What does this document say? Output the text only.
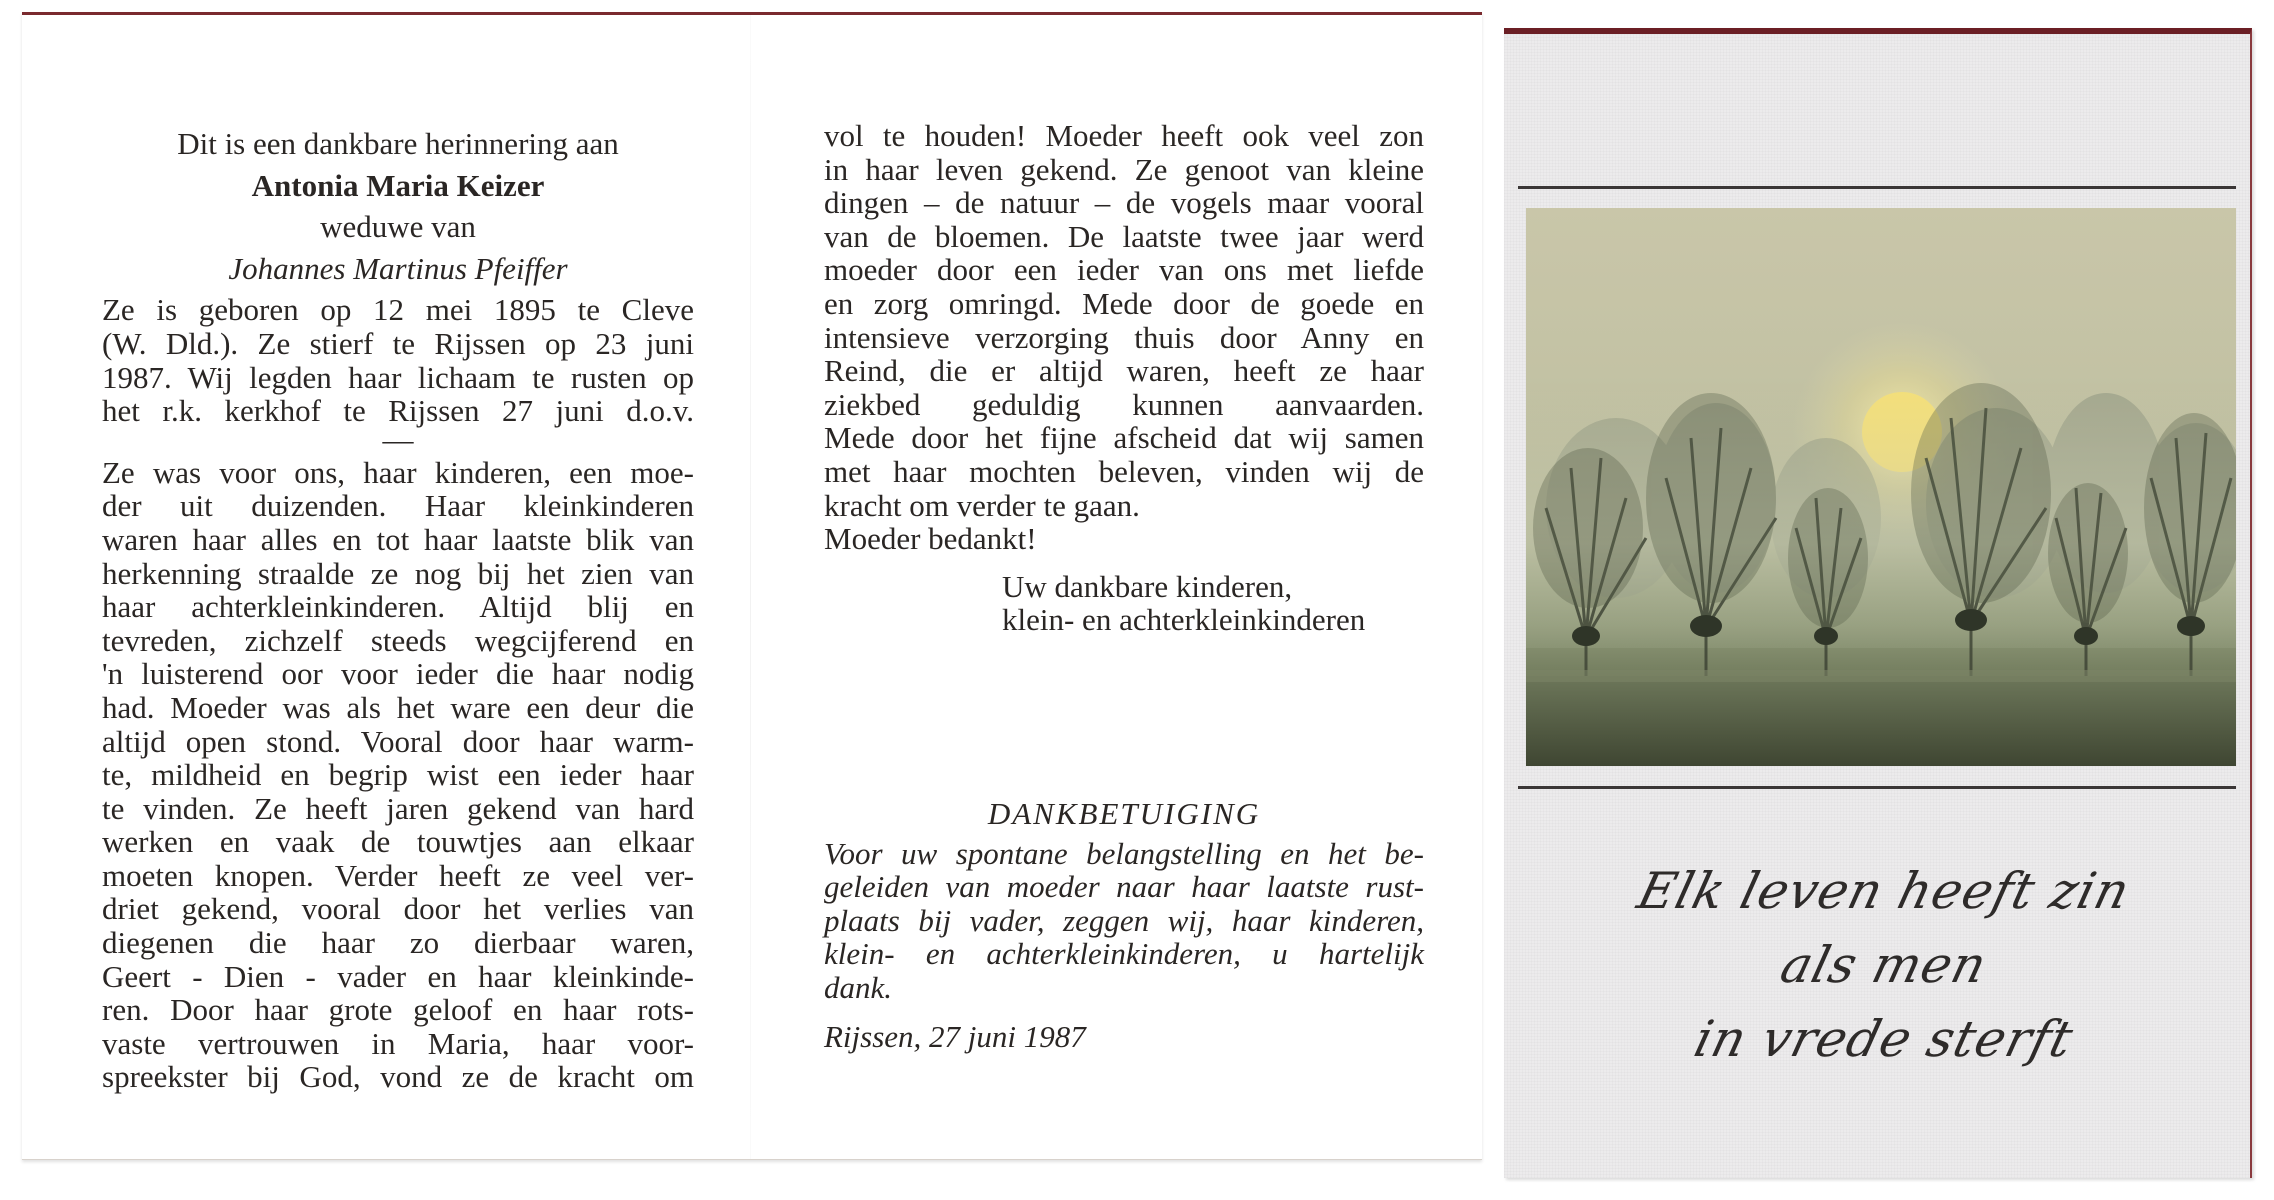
Dit is een dankbare herinnering aan
Antonia Maria Keizer
weduwe van
Johannes Martinus Pfeiffer

Ze is geboren op 12 mei 1895 te Cleve

(W. Dld.). Ze stierf te Rijssen op 23 juni

1987. Wij legden haar lichaam te rusten op

het r.k. kerkhof te Rijssen 27 juni d.o.v.

—

Ze was voor ons, haar kinderen, een moe-

der uit duizenden. Haar kleinkinderen

waren haar alles en tot haar laatste blik van

herkenning straalde ze nog bij het zien van

haar achterkleinkinderen. Altijd blij en

tevreden, zichzelf steeds wegcijferend en

'n luisterend oor voor ieder die haar nodig

had. Moeder was als het ware een deur die

altijd open stond. Vooral door haar warm-

te, mildheid en begrip wist een ieder haar

te vinden. Ze heeft jaren gekend van hard

werken en vaak de touwtjes aan elkaar

moeten knopen. Verder heeft ze veel ver-

driet gekend, vooral door het verlies van

diegenen die haar zo dierbaar waren,

Geert - Dien - vader en haar kleinkinde-

ren. Door haar grote geloof en haar rots-

vaste vertrouwen in Maria, haar voor-

spreekster bij God, vond ze de kracht om

vol te houden! Moeder heeft ook veel zon

in haar leven gekend. Ze genoot van kleine

dingen – de natuur – de vogels maar vooral

van de bloemen. De laatste twee jaar werd

moeder door een ieder van ons met liefde

en zorg omringd. Mede door de goede en

intensieve verzorging thuis door Anny en

Reind, die er altijd waren, heeft ze haar

ziekbed geduldig kunnen aanvaarden.

Mede door het fijne afscheid dat wij samen

met haar mochten beleven, vinden wij de

kracht om verder te gaan.

Moeder bedankt!

Uw dankbare kinderen,
klein- en achterkleinkinderen
DANKBETUIGING

Voor uw spontane belangstelling en het be-

geleiden van moeder naar haar laatste rust-

plaats bij vader, zeggen wij, haar kinderen,

klein- en achterkleinkinderen, u hartelijk

dank.

Rijssen, 27 juni 1987
Elk leven heeft zin
als men
in vrede sterft
